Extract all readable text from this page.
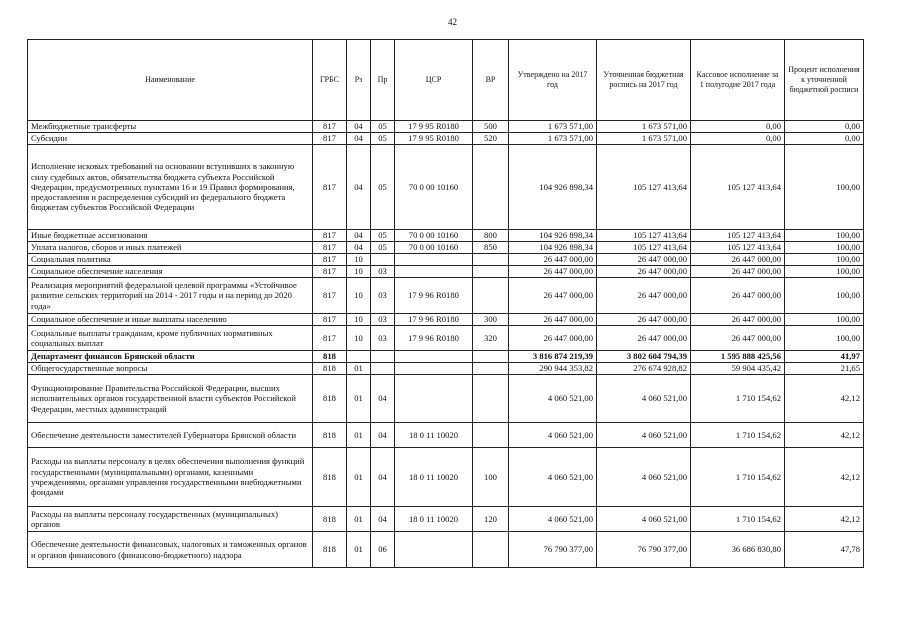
42
Наименование	ГРБС	Рз	Пр	ЦСР	ВР	Утверждено на 2017 год	Уточненная бюджетная роспись на 2017 год	Кассовое исполнение за 1 полугодие 2017 года	Процент исполнения к уточненной бюджетной росписи
Межбюджетные трансферты	817	04	05	17 9 95 R0180	500	1 673 571,00	1 673 571,00	0,00	0,00
Субсидии	817	04	05	17 9 95 R0180	520	1 673 571,00	1 673 571,00	0,00	0,00
Исполнение исковых требований на основании вступивших в законную силу судебных актов, обязательства бюджета субъекта Российской Федерации, предусмотренных пунктами 16 и 19 Правил формирования, предоставления и распределения субсидий из федерального бюджета бюджетам субъектов Российской Федерации	817	04	05	70 0 00 10160		104 926 898,34	105 127 413,64	105 127 413,64	100,00
Иные бюджетные ассигнования	817	04	05	70 0 00 10160	800	104 926 898,34	105 127 413,64	105 127 413,64	100,00
Уплата налогов, сборов и иных платежей	817	04	05	70 0 00 10160	850	104 926 898,34	105 127 413,64	105 127 413,64	100,00
Социальная политика	817	10				26 447 000,00	26 447 000,00	26 447 000,00	100,00
Социальное обеспечение населения	817	10	03			26 447 000,00	26 447 000,00	26 447 000,00	100,00
Реализация мероприятий федеральной целевой программы «Устойчивое развитие сельских территорий на 2014 - 2017 годы и на период до 2020 года»	817	10	03	17 9 96 R0180		26 447 000,00	26 447 000,00	26 447 000,00	100,00
Социальное обеспечение и иные выплаты населению	817	10	03	17 9 96 R0180	300	26 447 000,00	26 447 000,00	26 447 000,00	100,00
Социальные выплаты гражданам, кроме публичных нормативных социальных выплат	817	10	03	17 9 96 R0180	320	26 447 000,00	26 447 000,00	26 447 000,00	100,00
Департамент финансов Брянской области	818					3 816 874 219,39	3 802 604 794,39	1 595 888 425,56	41,97
Общегосударственные вопросы	818	01				290 944 353,82	276 674 928,82	59 904 435,42	21,65
Функционирование Правительства Российской Федерации, высших исполнительных органов государственной власти субъектов Российской Федерации, местных администраций	818	01	04			4 060 521,00	4 060 521,00	1 710 154,62	42,12
Обеспечение деятельности заместителей Губернатора Брянской области	818	01	04	18 0 11 10020		4 060 521,00	4 060 521,00	1 710 154,62	42,12
Расходы на выплаты персоналу в целях обеспечения выполнения функций государственными (муниципальными) органами, казенными учреждениями, органами управления государственными внебюджетными фондами	818	01	04	18 0 11 10020	100	4 060 521,00	4 060 521,00	1 710 154,62	42,12
Расходы на выплаты персоналу государственных (муниципальных) органов	818	01	04	18 0 11 10020	120	4 060 521,00	4 060 521,00	1 710 154,62	42,12
Обеспечение деятельности финансовых, налоговых и таможенных органов и органов финансового (финансово-бюджетного) надзора	818	01	06			76 790 377,00	76 790 377,00	36 686 830,80	47,78
